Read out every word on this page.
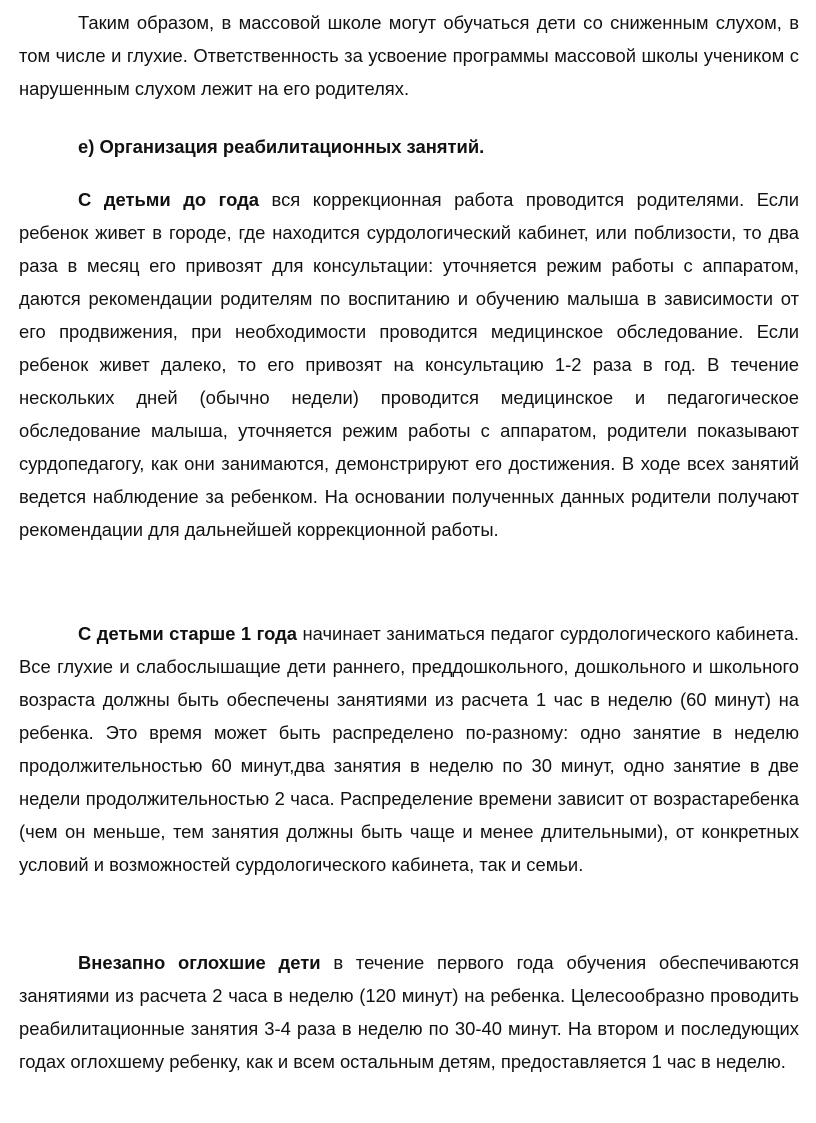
Таким образом, в массовой школе могут обучаться дети со сниженным слухом, в том числе и глухие. Ответственность за усвоение программы массовой школы учеником с нарушенным слухом лежит на его родителях.

е) Организация реабилитационных занятий.

С детьми до года вся коррекционная работа проводится родителями. Если ребенок живет в городе, где находится сурдологический кабинет, или поблизости, то два раза в месяц его привозят для консультации: уточняется режим работы с аппаратом, даются рекомендации родителям по воспитанию и обучению малыша в зависимости от его продвижения, при необходимости проводится медицинское обследование. Если ребенок живет далеко, то его привозят на консультацию 1-2 раза в год. В течение нескольких дней (обычно недели) проводится медицинское и педагогическое обследование малыша, уточняется режим работы с аппаратом, родители показывают сурдопедагогу, как они занимаются, демонстрируют его достижения. В ходе всех занятий ведется наблюдение за ребенком. На основании полученных данных родители получают рекомендации для дальнейшей коррекционной работы.

С детьми старше 1 года начинает заниматься педагог сурдологического кабинета. Все глухие и слабослышащие дети раннего, преддошкольного, дошкольного и школьного возраста должны быть обеспечены занятиями из расчета 1 час в неделю (60 минут) на ребенка. Это время может быть распределено по-разному: одно занятие в неделю продолжительностью 60 минут,два занятия в неделю по 30 минут, одно занятие в две недели продолжительностью 2 часа. Распределение времени зависит от возрастаребенка (чем он меньше, тем занятия должны быть чаще и менее длительными), от конкретных условий и возможностей сурдологического кабинета, так и семьи.

Внезапно оглохшие дети в течение первого года обучения обеспечиваются занятиями из расчета 2 часа в неделю (120 минут) на ребенка. Целесообразно проводить реабилитационные занятия 3-4 раза в неделю по 30-40 минут. На втором и последующих годах оглохшему ребенку, как и всем остальным детям, предоставляется 1 час в неделю.
